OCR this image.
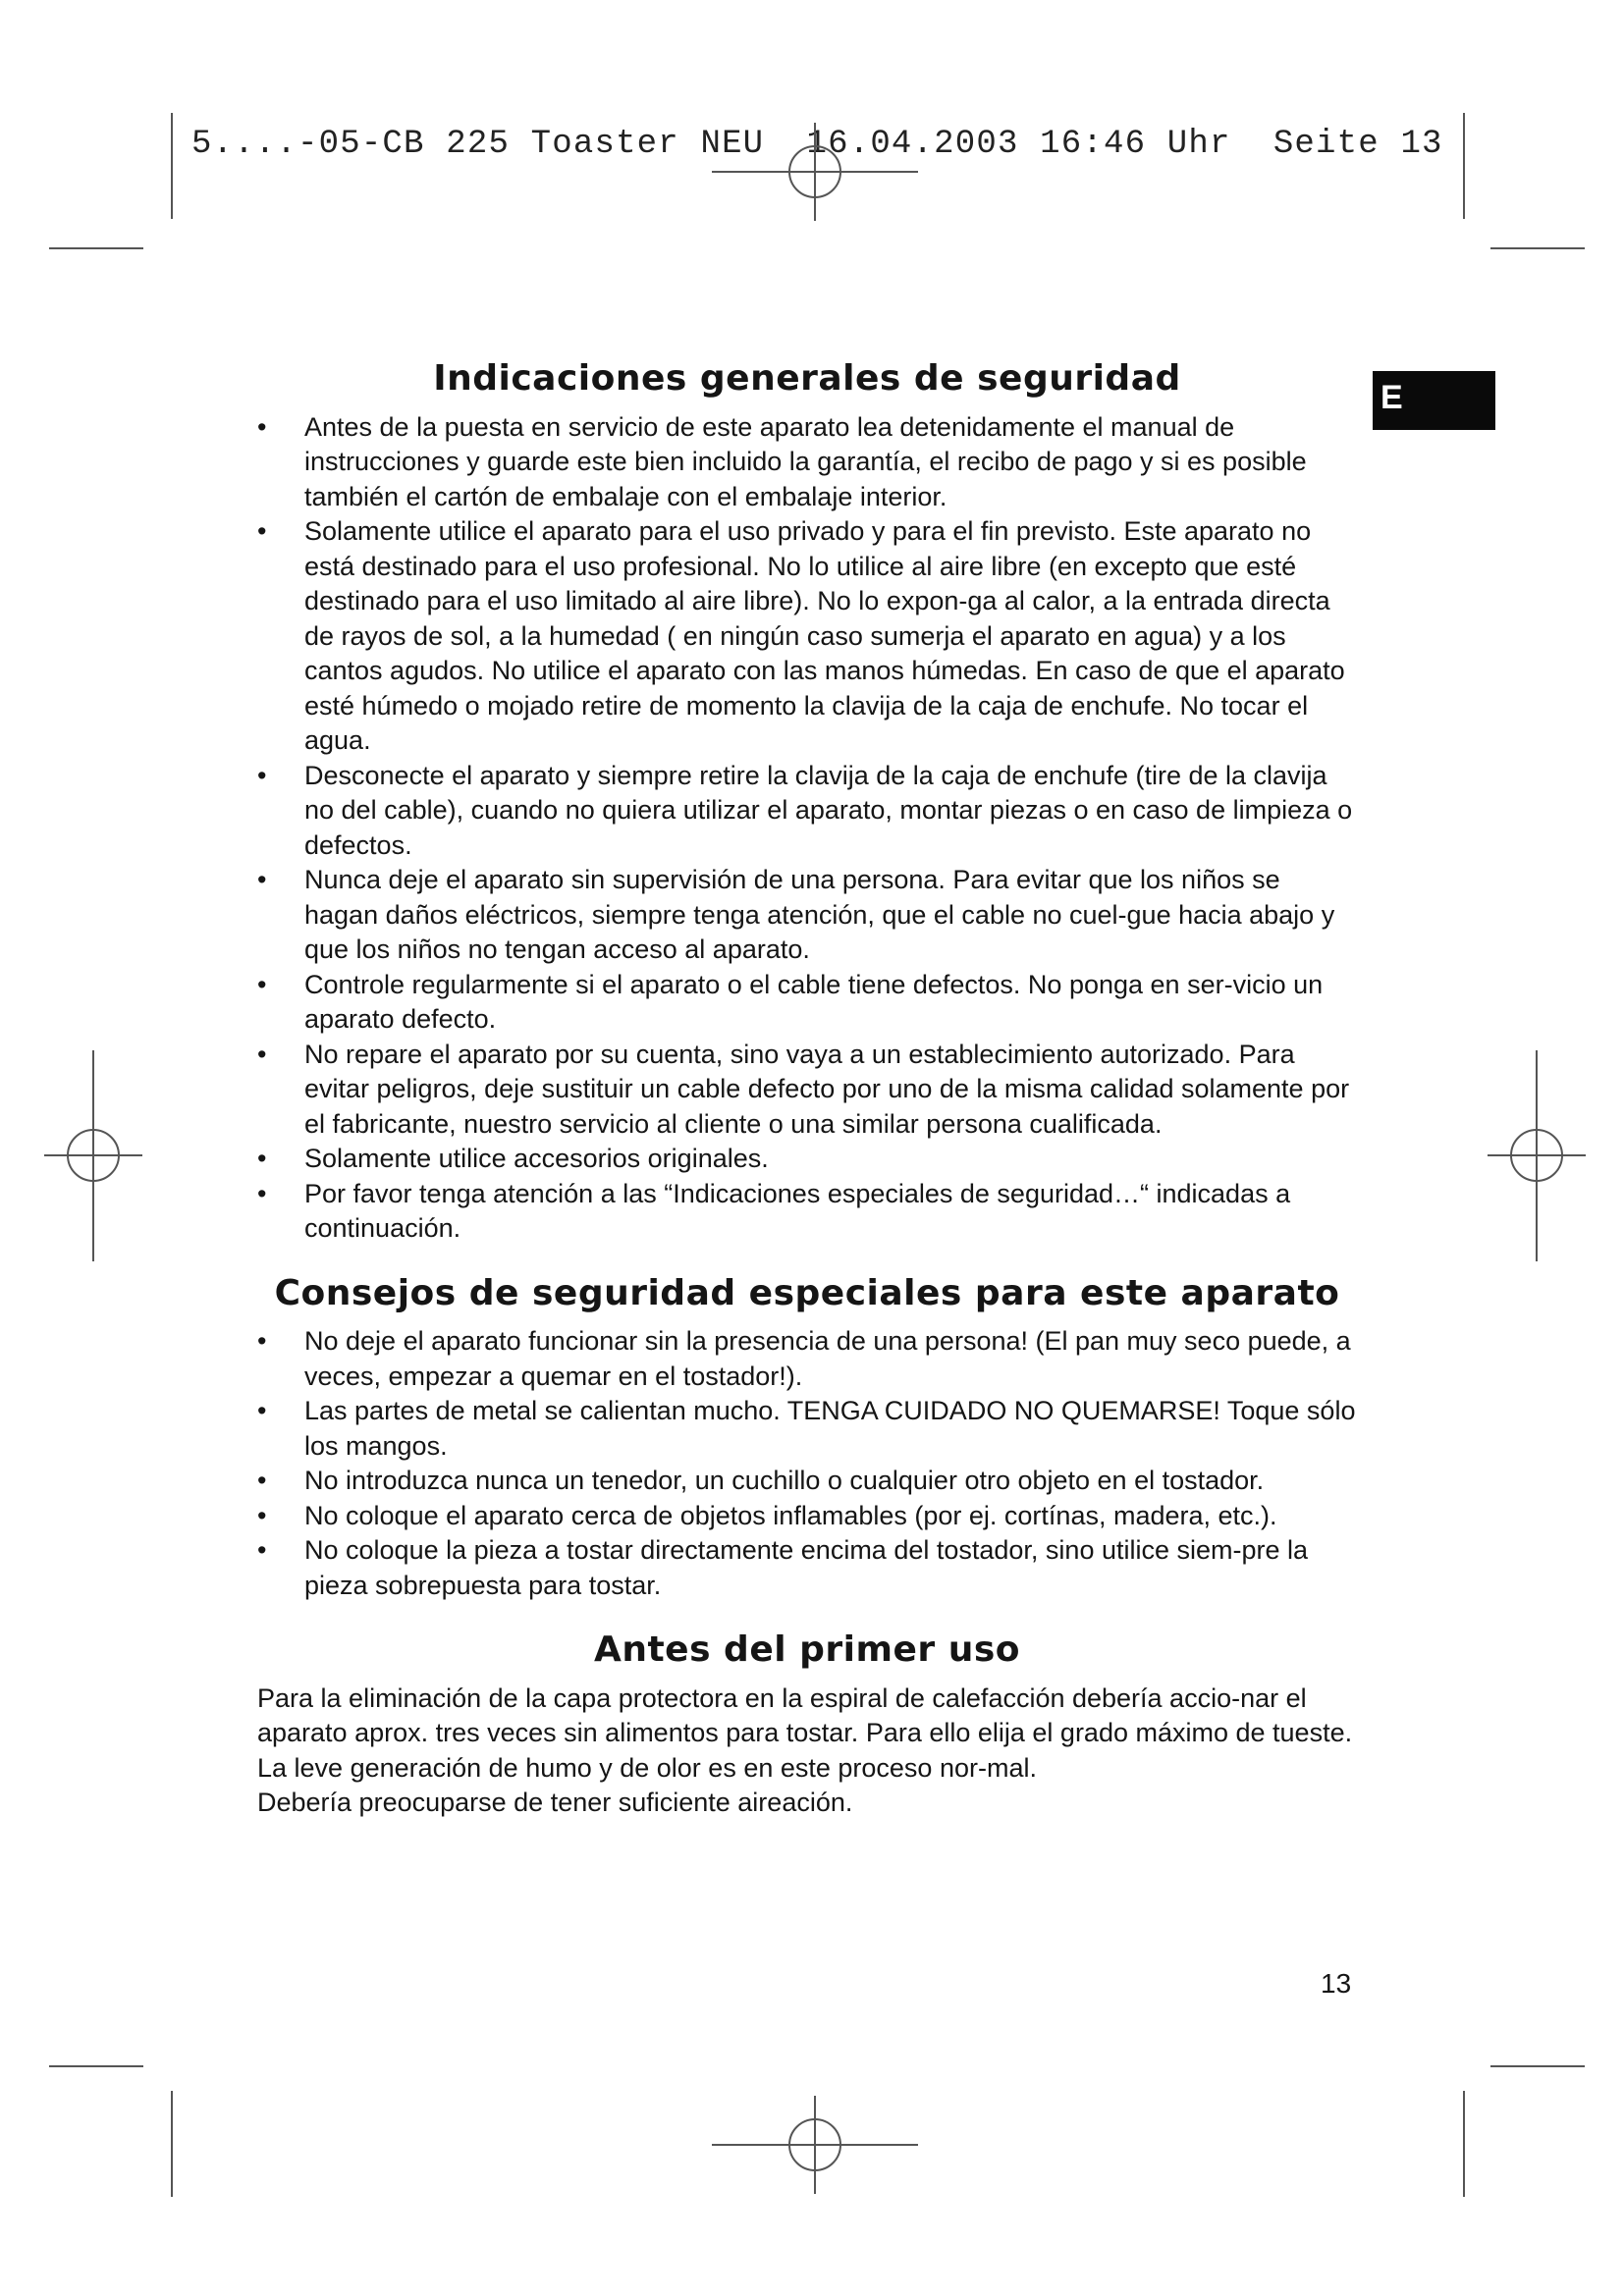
5....-05-CB 225 Toaster NEU 16.04.2003 16:46 Uhr Seite 13
E
Indicaciones generales de seguridad
• Antes de la puesta en servicio de este aparato lea detenidamente el manual de instrucciones y guarde este bien incluido la garantía, el recibo de pago y si es posible también el cartón de embalaje con el embalaje interior.
• Solamente utilice el aparato para el uso privado y para el fin previsto. Este aparato no está destinado para el uso profesional. No lo utilice al aire libre (en excepto que esté destinado para el uso limitado al aire libre). No lo expon-ga al calor, a la entrada directa de rayos de sol, a la humedad ( en ningún caso sumerja el aparato en agua) y a los cantos agudos. No utilice el aparato con las manos húmedas. En caso de que el aparato esté húmedo o mojado retire de momento la clavija de la caja de enchufe. No tocar el agua.
• Desconecte el aparato y siempre retire la clavija de la caja de enchufe (tire de la clavija no del cable), cuando no quiera utilizar el aparato, montar piezas o en caso de limpieza o defectos.
• Nunca deje el aparato sin supervisión de una persona. Para evitar que los niños se hagan daños eléctricos, siempre tenga atención, que el cable no cuel-gue hacia abajo y que los niños no tengan acceso al aparato.
• Controle regularmente si el aparato o el cable tiene defectos. No ponga en ser-vicio un aparato defecto.
• No repare el aparato por su cuenta, sino vaya a un establecimiento autorizado. Para evitar peligros, deje sustituir un cable defecto por uno de la misma calidad solamente por el fabricante, nuestro servicio al cliente o una similar persona cualificada.
• Solamente utilice accesorios originales.
• Por favor tenga atención a las “Indicaciones especiales de seguridad…“ indicadas a continuación.
Consejos de seguridad especiales para este aparato
• No deje el aparato funcionar sin la presencia de una persona! (El pan muy seco puede, a veces, empezar a quemar en el tostador!).
• Las partes de metal se calientan mucho. TENGA CUIDADO NO QUEMARSE! Toque sólo los mangos.
• No introduzca nunca un tenedor, un cuchillo o cualquier otro objeto en el tostador.
• No coloque el aparato cerca de objetos inflamables (por ej. cortínas, madera, etc.).
• No coloque la pieza a tostar directamente encima del tostador, sino utilice siem-pre la pieza sobrepuesta para tostar.
Antes del primer uso

Para la eliminación de la capa protectora en la espiral de calefacción debería accio-nar el aparato aprox. tres veces sin alimentos para tostar. Para ello elija el grado máximo de tueste. La leve generación de humo y de olor es en este proceso nor-mal.

Debería preocuparse de tener suficiente aireación.

13
